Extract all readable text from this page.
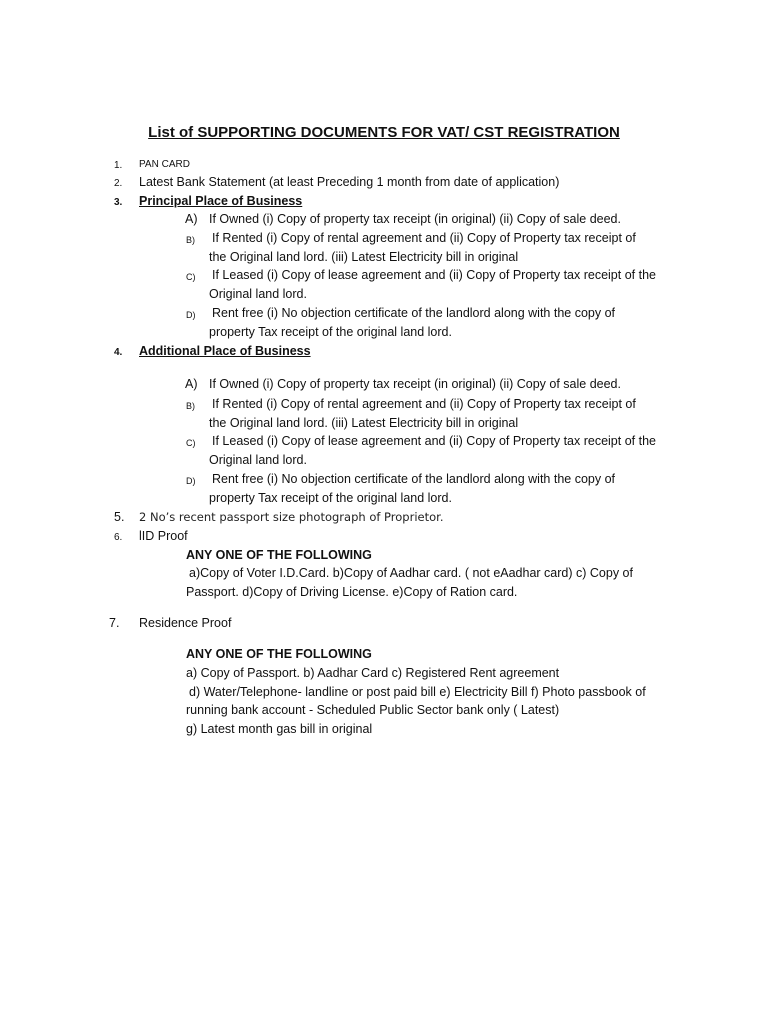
List of SUPPORTING DOCUMENTS FOR VAT/ CST REGISTRATION
1. PAN CARD
2. Latest Bank Statement (at least Preceding 1 month from date of application)
3. Principal Place of Business
A) If Owned (i) Copy of property tax receipt (in original) (ii) Copy of sale deed.
B) If Rented (i) Copy of rental agreement and (ii) Copy of Property tax receipt of
the Original land lord. (iii) Latest Electricity bill in original
C) If Leased (i) Copy of lease agreement and (ii) Copy of Property tax receipt of the
Original land lord.
D) Rent free (i) No objection certificate of the landlord along with the copy of
property Tax receipt of the original land lord.
4. Additional Place of Business
A) If Owned (i) Copy of property tax receipt (in original) (ii) Copy of sale deed.
B) If Rented (i) Copy of rental agreement and (ii) Copy of Property tax receipt of
the Original land lord. (iii) Latest Electricity bill in original
C) If Leased (i) Copy of lease agreement and (ii) Copy of Property tax receipt of the
Original land lord.
D) Rent free (i) No objection certificate of the landlord along with the copy of
property Tax receipt of the original land lord.
5. 2 No’s recent passport size photograph of Proprietor.
6. lID Proof
ANY ONE OF THE FOLLOWING
a)Copy of Voter I.D.Card. b)Copy of Aadhar card. ( not eAadhar card) c) Copy of
Passport. d)Copy of Driving License. e)Copy of Ration card.
7. Residence Proof
ANY ONE OF THE FOLLOWING
a) Copy of Passport. b) Aadhar Card c) Registered Rent agreement
d) Water/Telephone- landline or post paid bill e) Electricity Bill f) Photo passbook of
running bank account - Scheduled Public Sector bank only ( Latest)
g) Latest month gas bill in original
